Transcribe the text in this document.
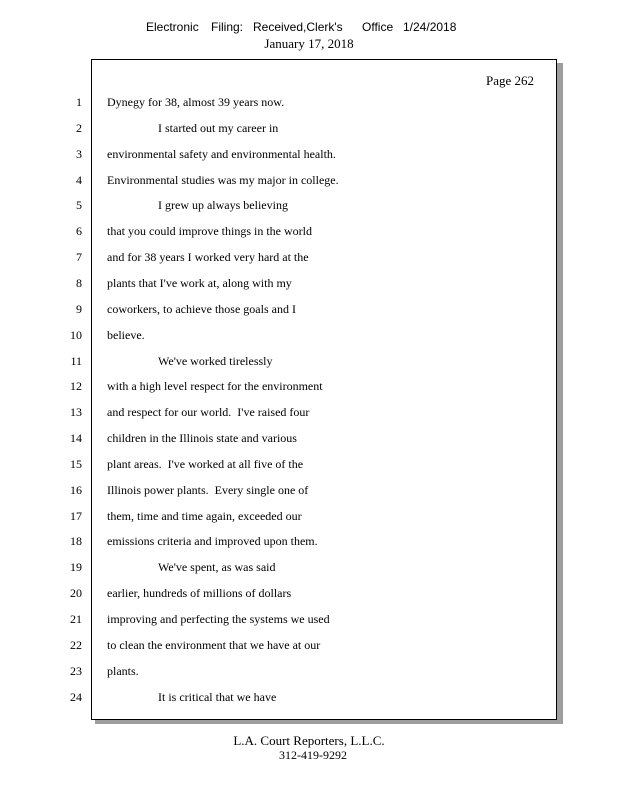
Electronic

Filing:

Received,Clerk's

Office

1/24/2018

January 17, 2018
Page 262
1
2
3
4
5
6
7
8
9
10
11
12
13
14
15
16
17
18
19
20
21
22
23
24
Dynegy for 38, almost 39 years now.
I started out my career in
environmental safety and environmental health.
Environmental studies was my major in college.
I grew up always believing
that you could improve things in the world
and for 38 years I worked very hard at the
plants that I've work at, along with my
coworkers, to achieve those goals and I
believe.
We've worked tirelessly
with a high level respect for the environment
and respect for our world.  I've raised four
children in the Illinois state and various
plant areas.  I've worked at all five of the
Illinois power plants.  Every single one of
them, time and time again, exceeded our
emissions criteria and improved upon them.
We've spent, as was said
earlier, hundreds of millions of dollars
improving and perfecting the systems we used
to clean the environment that we have at our
plants.
It is critical that we have
L.A. Court Reporters, L.L.C.
312-419-9292
